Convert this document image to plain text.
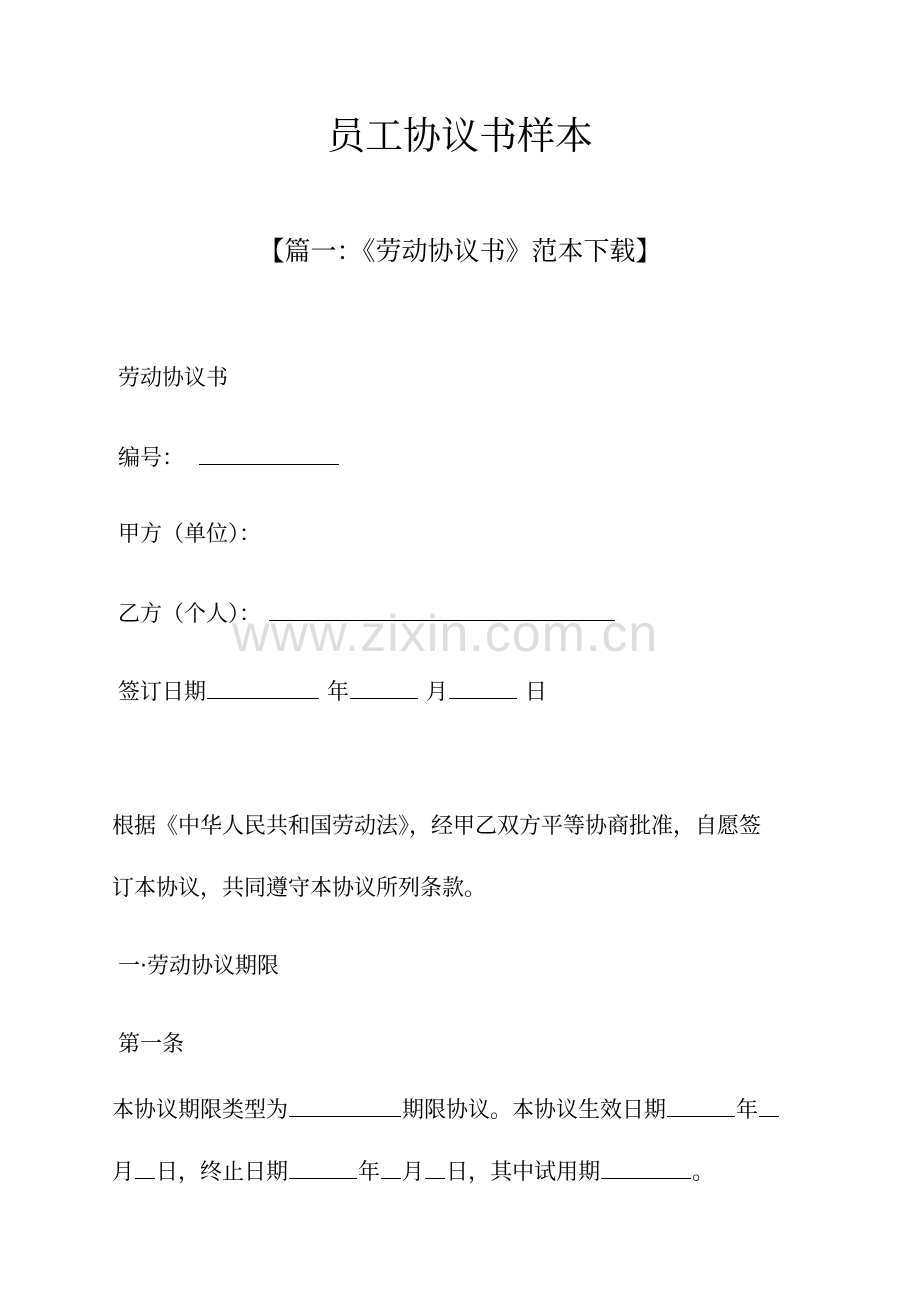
员工协议书样本
【篇一：《劳动协议书》范本下载】
劳动协议书
编号：
甲方（单位）：
乙方（个人）：
签订日期	年	月	日
根据《中华人民共和国劳动法》，经甲乙双方平等协商批准，自愿签
订本协议，共同遵守本协议所列条款。
一·劳动协议期限
第一条
本协议期限类型为	期限协议。本协议生效日期	年
月 日，终止日期	年 月 日，其中试用期	。
www.zixin.com.cn
